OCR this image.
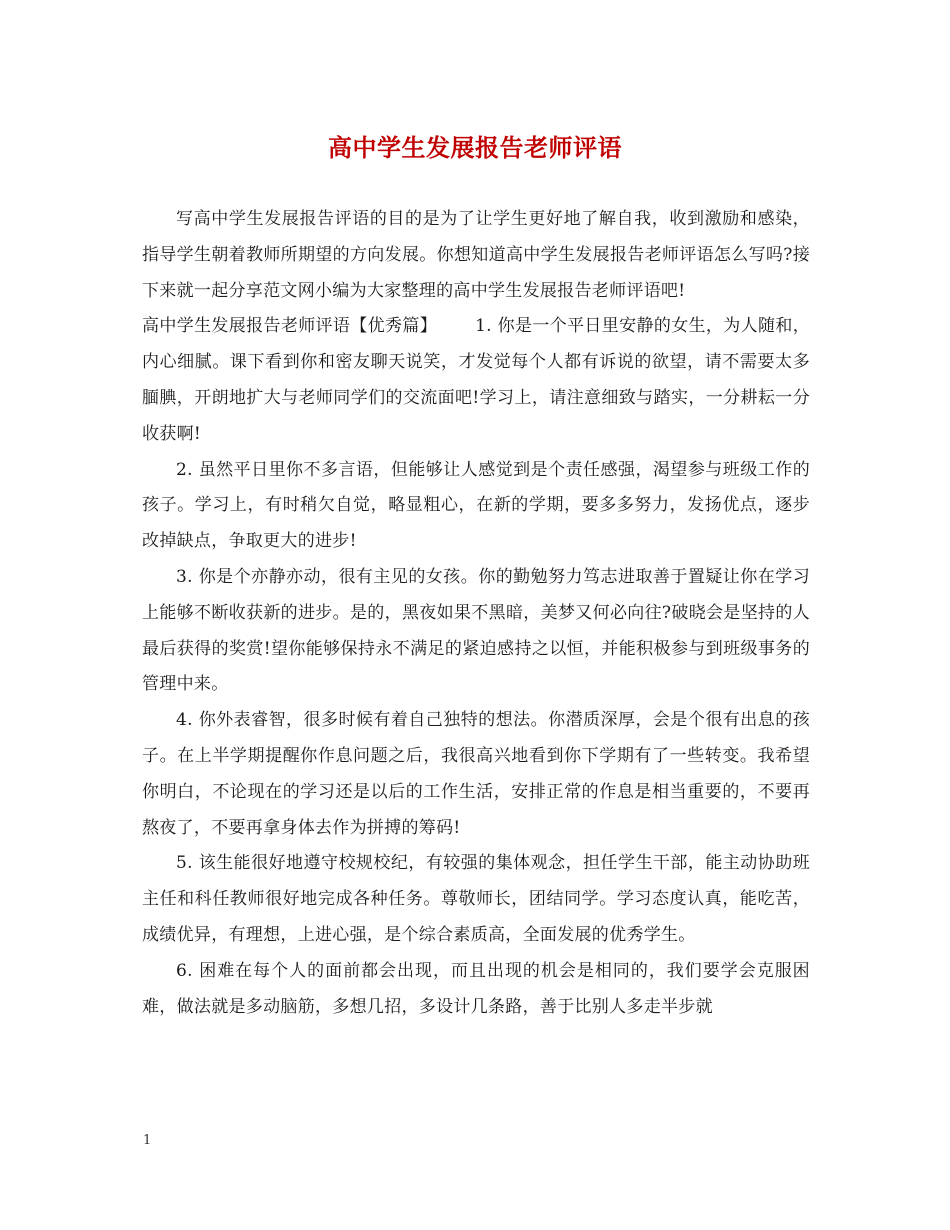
高中学生发展报告老师评语

写高中学生发展报告评语的目的是为了让学生更好地了解自我，收到激励和感染，指导学生朝着教师所期望的方向发展。你想知道高中学生发展报告老师评语怎么写吗?接下来就一起分享范文网小编为大家整理的高中学生发展报告老师评语吧!

高中学生发展报告老师评语【优秀篇】 1. 你是一个平日里安静的女生，为人随和，内心细腻。课下看到你和密友聊天说笑，才发觉每个人都有诉说的欲望，请不需要太多腼腆，开朗地扩大与老师同学们的交流面吧!学习上，请注意细致与踏实，一分耕耘一分收获啊!

2. 虽然平日里你不多言语，但能够让人感觉到是个责任感强，渴望参与班级工作的孩子。学习上，有时稍欠自觉，略显粗心，在新的学期，要多多努力，发扬优点，逐步改掉缺点，争取更大的进步!

3. 你是个亦静亦动，很有主见的女孩。你的勤勉努力笃志进取善于置疑让你在学习上能够不断收获新的进步。是的，黑夜如果不黑暗，美梦又何必向往?破晓会是坚持的人最后获得的奖赏!望你能够保持永不满足的紧迫感持之以恒，并能积极参与到班级事务的管理中来。

4. 你外表睿智，很多时候有着自己独特的想法。你潜质深厚，会是个很有出息的孩子。在上半学期提醒你作息问题之后，我很高兴地看到你下学期有了一些转变。我希望你明白，不论现在的学习还是以后的工作生活，安排正常的作息是相当重要的，不要再熬夜了，不要再拿身体去作为拼搏的筹码!

5. 该生能很好地遵守校规校纪，有较强的集体观念，担任学生干部，能主动协助班主任和科任教师很好地完成各种任务。尊敬师长，团结同学。学习态度认真，能吃苦，成绩优异，有理想，上进心强，是个综合素质高，全面发展的优秀学生。

6. 困难在每个人的面前都会出现，而且出现的机会是相同的，我们要学会克服困难，做法就是多动脑筋，多想几招，多设计几条路，善于比别人多走半步就

1
